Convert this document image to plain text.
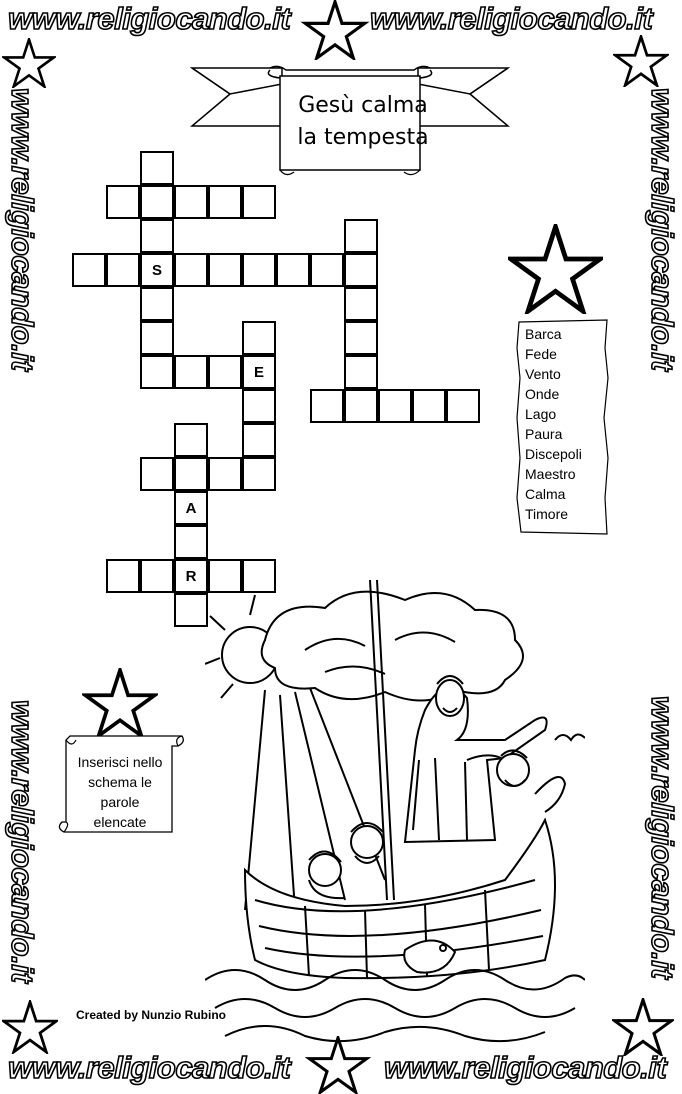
www.religiocando.it	www.religiocando.it
www.religiocando.it	www.religiocando.it
www.religiocando.it
www.religiocando.it
www.religiocando.it
www.religiocando.it
Gesù calma
la tempesta
S
E
A
R
Barca
Fede
Vento
Onde
Lago
Paura
Discepoli
Maestro
Calma
Timore
Inserisci nello
schema le
parole
elencate
Created by Nunzio Rubino
